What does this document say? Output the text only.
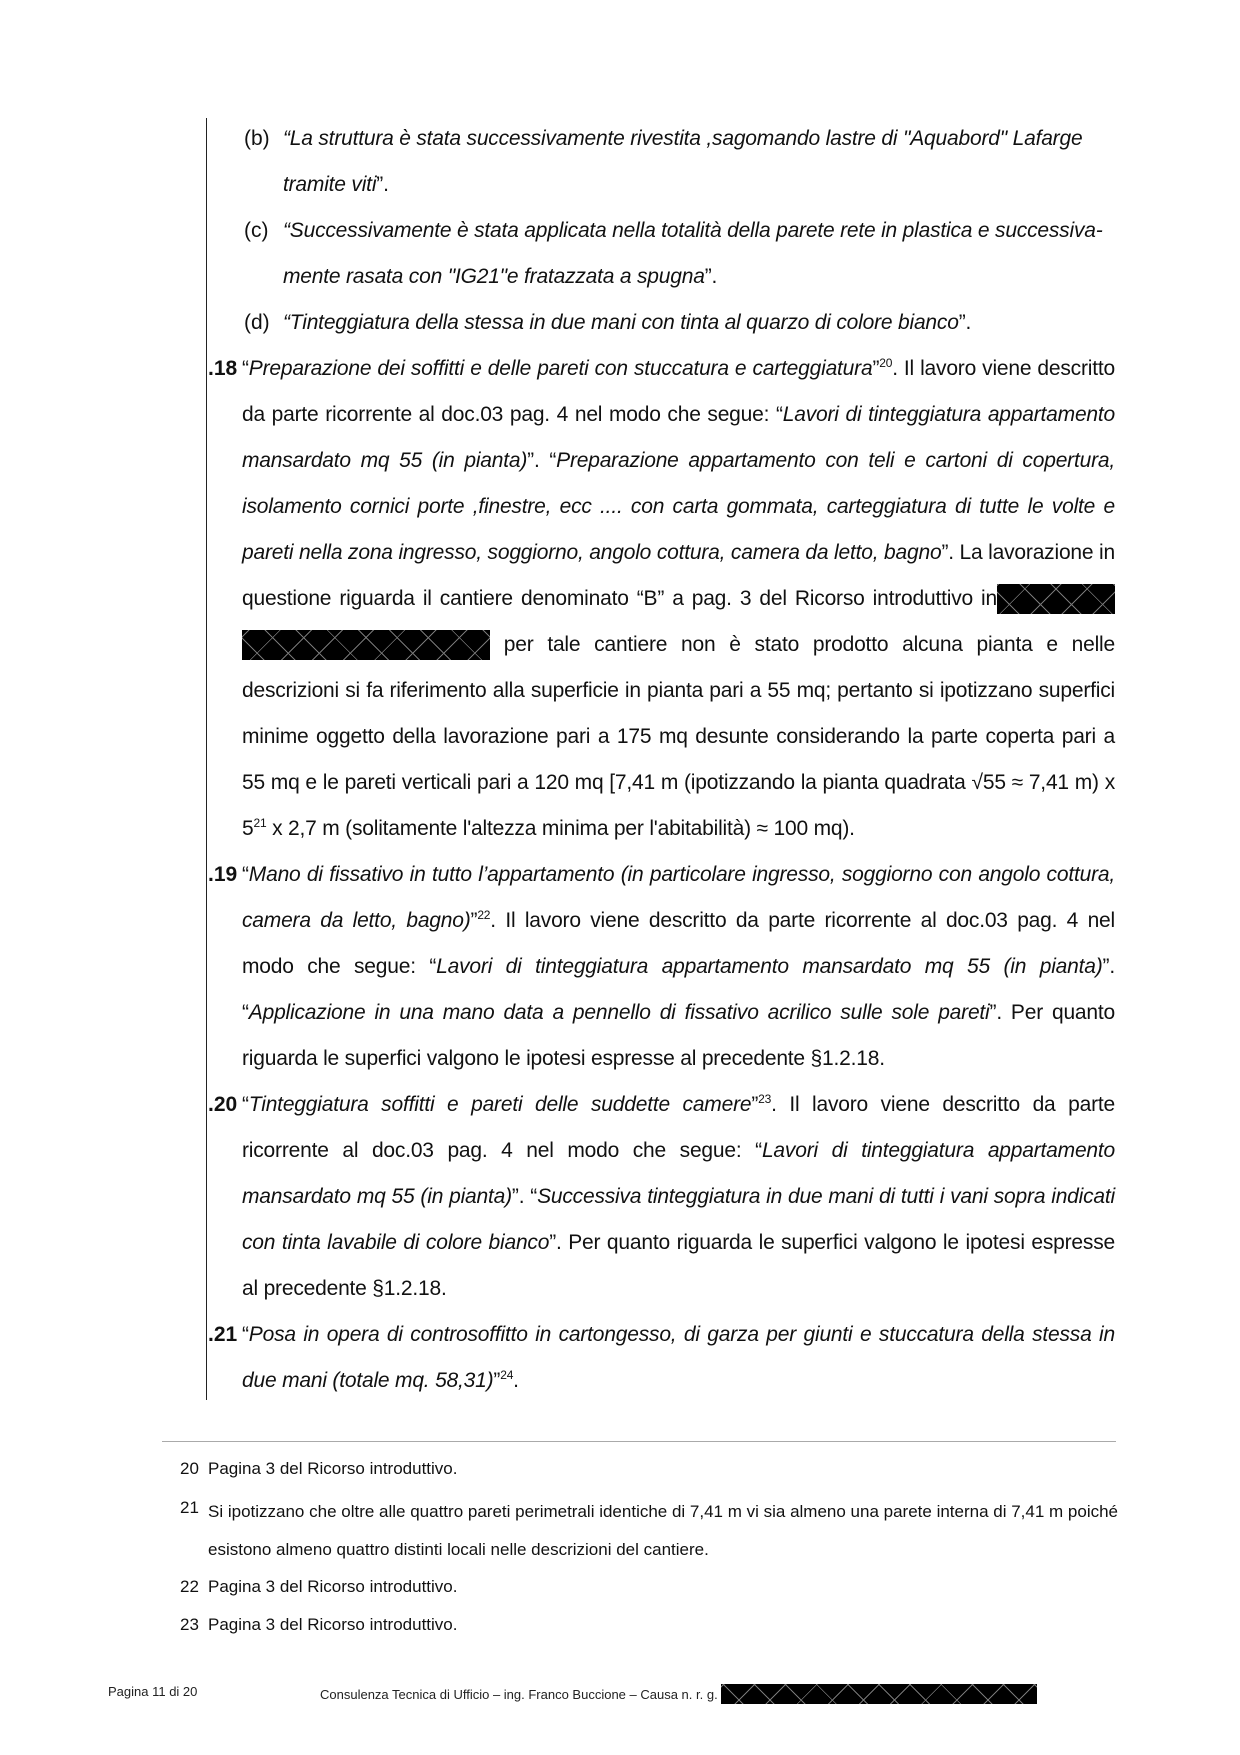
(b) “La struttura è stata successivamente rivestita ,sagomando lastre di "Aquabord" Lafarge
tramite viti”.
(c) “Successivamente è stata applicata nella totalità della parete rete in plastica e successiva-
mente rasata con "IG21"e fratazzata a spugna”.
(d) “Tinteggiatura della stessa in due mani con tinta al quarzo di colore bianco”.
.18 “Preparazione dei soffitti e delle pareti con stuccatura e carteggiatura”$^{20}$. Il lavoro viene descritto da parte ricorrente al doc.03 pag. 4 nel modo che segue: “Lavori di tinteggiatura appartamento mansardato mq 55 (in pianta)”. “Preparazione appartamento con teli e cartoni di copertura, isolamento cornici porte ,finestre, ecc .... con carta gommata, carteggiatura di tutte le volte e pareti nella zona ingresso, soggiorno, angolo cottura, camera da letto, bagno”. La lavorazione in questione riguarda il cantiere denominato “B” a pag. 3 del Ricorso introduttivo in  per tale cantiere non è stato prodotto alcuna pianta e nelle descrizioni si fa riferimento alla superficie in pianta pari a 55 mq; pertanto si ipotizzano superfici minime oggetto della lavorazione pari a 175 mq desunte considerando la parte coperta pari a 55 mq e le pareti verticali pari a 120 mq [7,41 m (ipotizzando la pianta quadrata √55 ≈ 7,41 m) x $5^{21}$ x 2,7 m (solitamente l'altezza minima per l'abitabilità) ≈ 100 mq).
.19 “Mano di fissativo in tutto l’appartamento (in particolare ingresso, soggiorno con angolo cottura, camera da letto, bagno)”$^{22}$. Il lavoro viene descritto da parte ricorrente al doc.03 pag. 4 nel modo che segue: “Lavori di tinteggiatura appartamento mansardato mq 55 (in pianta)”. “Applicazione in una mano data a pennello di fissativo acrilico sulle sole pareti”. Per quanto riguarda le superfici valgono le ipotesi espresse al precedente §1.2.18.
.20 “Tinteggiatura soffitti e pareti delle suddette camere”$^{23}$. Il lavoro viene descritto da parte ricorrente al doc.03 pag. 4 nel modo che segue: “Lavori di tinteggiatura appartamento mansardato mq 55 (in pianta)”. “Successiva tinteggiatura in due mani di tutti i vani sopra indicati con tinta lavabile di colore bianco”. Per quanto riguarda le superfici valgono le ipotesi espresse al precedente §1.2.18.
.21 “Posa in opera di controsoffitto in cartongesso, di garza per giunti e stuccatura della stessa in due mani (totale mq. 58,31)”$^{24}$.
20 Pagina 3 del Ricorso introduttivo.
21 Si ipotizzano che oltre alle quattro pareti perimetrali identiche di 7,41 m vi sia almeno una parete interna di 7,41 m poiché esistono almeno quattro distinti locali nelle descrizioni del cantiere.
22 Pagina 3 del Ricorso introduttivo.
23 Pagina 3 del Ricorso introduttivo.
Pagina 11 di 20	Consulenza Tecnica di Ufficio – ing. Franco Buccione – Causa n. r. g.
